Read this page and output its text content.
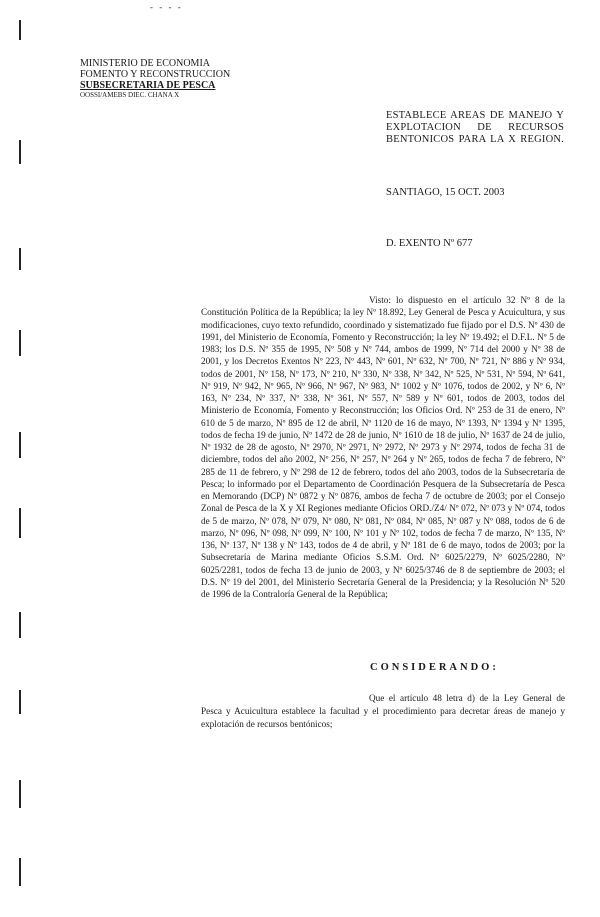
- - - -
MINISTERIO DE ECONOMIA
FOMENTO Y RECONSTRUCCION
SUBSECRETARIA DE PESCA
OOSSI/AMEBS DIEC. CHANA X
ESTABLECE AREAS DE MANEJO Y EXPLOTACION DE RECURSOS BENTONICOS PARA LA X REGION.
SANTIAGO, 15 OCT. 2003
D. EXENTO Nº 677
Visto: lo dispuesto en el artículo 32 Nº 8 de la Constitución Política de la República; la ley Nº 18.892, Ley General de Pesca y Acuicultura, y sus modificaciones, cuyo texto refundido, coordinado y sistematizado fue fijado por el D.S. Nº 430 de 1991, del Ministerio de Economía, Fomento y Reconstrucción; la ley Nº 19.492; el D.F.L. Nº 5 de 1983; los D.S. Nº 355 de 1995, Nº 508 y Nº 744, ambos de 1999, Nº 714 del 2000 y Nº 38 de 2001, y los Decretos Exentos Nº 223, Nº 443, Nº 601, Nº 632, Nº 700, Nº 721, Nº 886 y Nº 934, todos de 2001, Nº 158, Nº 173, Nº 210, Nº 330, Nº 338, Nº 342, Nº 525, Nº 531, Nº 594, Nº 641, Nº 919, Nº 942, Nº 965, Nº 966, Nº 967, Nº 983, Nº 1002 y Nº 1076, todos de 2002, y Nº 6, Nº 163, Nº 234, Nº 337, Nº 338, Nº 361, Nº 557, Nº 589 y Nº 601, todos de 2003, todos del Ministerio de Economía, Fomento y Reconstrucción; los Oficios Ord. Nº 253 de 31 de enero, Nº 610 de 5 de marzo, Nº 895 de 12 de abril, Nº 1120 de 16 de mayo, Nº 1393, Nº 1394 y Nº 1395, todos de fecha 19 de junio, Nº 1472 de 28 de junio, Nº 1610 de 18 de julio, Nº 1637 de 24 de julio, Nº 1932 de 28 de agosto, Nº 2970, Nº 2971, Nº 2972, Nº 2973 y Nº 2974, todos de fecha 31 de diciembre, todos del año 2002, Nº 256, Nº 257, Nº 264 y Nº 265, todos de fecha 7 de febrero, Nº 285 de 11 de febrero, y Nº 298 de 12 de febrero, todos del año 2003, todos de la Subsecretaría de Pesca; lo informado por el Departamento de Coordinación Pesquera de la Subsecretaría de Pesca en Memorando (DCP) Nº 0872 y Nº 0876, ambos de fecha 7 de octubre de 2003; por el Consejo Zonal de Pesca de la X y XI Regiones mediante Oficios ORD./Z4/ Nº 072, Nº 073 y Nº 074, todos de 5 de marzo, Nº 078, Nº 079, Nº 080, Nº 081, Nº 084, Nº 085, Nº 087 y Nº 088, todos de 6 de marzo, Nº 096, Nº 098, Nº 099, Nº 100, Nº 101 y Nº 102, todos de fecha 7 de marzo, Nº 135, Nº 136, Nº 137, Nº 138 y Nº 143, todos de 4 de abril, y Nº 181 de 6 de mayo, todos de 2003; por la Subsecretaría de Marina mediante Oficios S.S.M. Ord. Nº 6025/2279, Nº 6025/2280, Nº 6025/2281, todos de fecha 13 de junio de 2003, y Nº 6025/3746 de 8 de septiembre de 2003; el D.S. Nº 19 del 2001, del Ministerio Secretaría General de la Presidencia; y la Resolución Nº 520 de 1996 de la Contraloría General de la República;
CONSIDERANDO:
Que el artículo 48 letra d) de la Ley General de Pesca y Acuicultura establece la facultad y el procedimiento para decretar áreas de manejo y explotación de recursos bentónicos;
